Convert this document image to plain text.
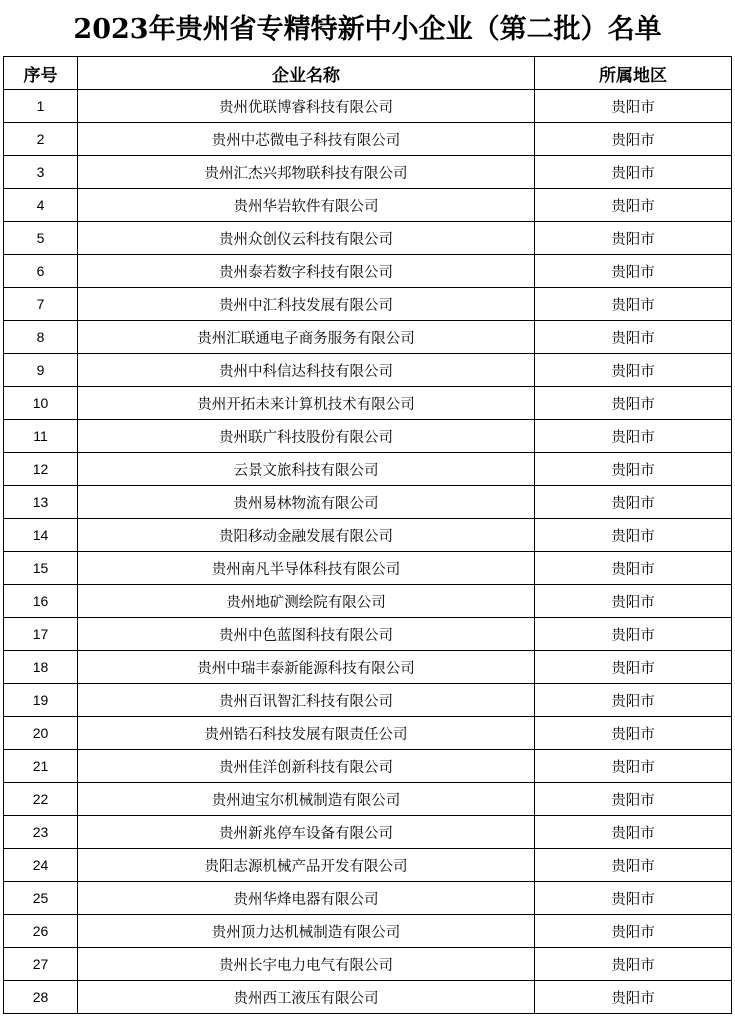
2023年贵州省专精特新中小企业（第二批）名单
序号	企业名称	所属地区
1	贵州优联博睿科技有限公司	贵阳市
2	贵州中芯微电子科技有限公司	贵阳市
3	贵州汇杰兴邦物联科技有限公司	贵阳市
4	贵州华岩软件有限公司	贵阳市
5	贵州众创仪云科技有限公司	贵阳市
6	贵州泰若数字科技有限公司	贵阳市
7	贵州中汇科技发展有限公司	贵阳市
8	贵州汇联通电子商务服务有限公司	贵阳市
9	贵州中科信达科技有限公司	贵阳市
10	贵州开拓未来计算机技术有限公司	贵阳市
11	贵州联广科技股份有限公司	贵阳市
12	云景文旅科技有限公司	贵阳市
13	贵州易林物流有限公司	贵阳市
14	贵阳移动金融发展有限公司	贵阳市
15	贵州南凡半导体科技有限公司	贵阳市
16	贵州地矿测绘院有限公司	贵阳市
17	贵州中色蓝图科技有限公司	贵阳市
18	贵州中瑞丰泰新能源科技有限公司	贵阳市
19	贵州百讯智汇科技有限公司	贵阳市
20	贵州锆石科技发展有限责任公司	贵阳市
21	贵州佳洋创新科技有限公司	贵阳市
22	贵州迪宝尔机械制造有限公司	贵阳市
23	贵州新兆停车设备有限公司	贵阳市
24	贵阳志源机械产品开发有限公司	贵阳市
25	贵州华烽电器有限公司	贵阳市
26	贵州顶力达机械制造有限公司	贵阳市
27	贵州长宇电力电气有限公司	贵阳市
28	贵州西工液压有限公司	贵阳市
